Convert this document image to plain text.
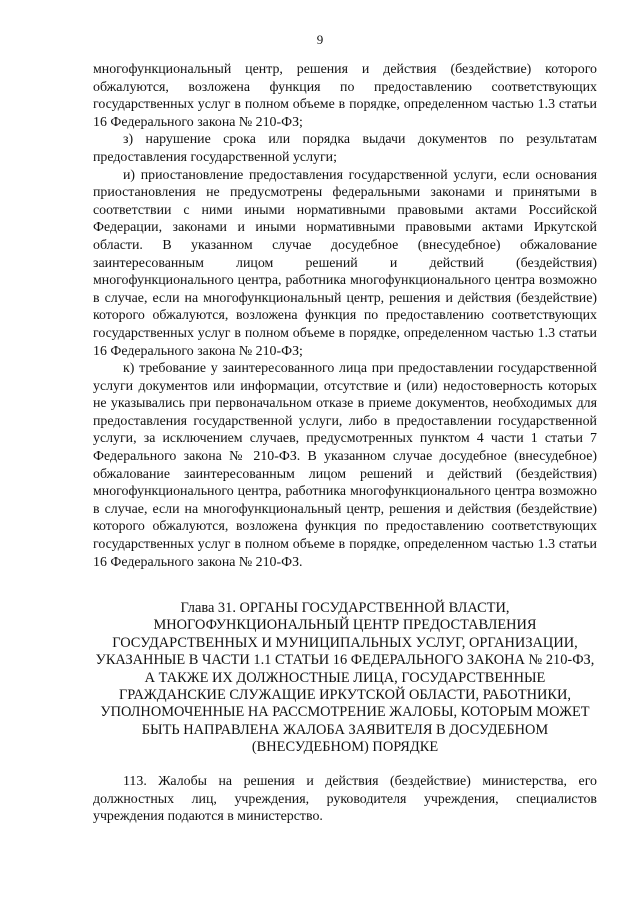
9

многофункциональный центр, решения и действия (бездействие) которого обжалуются, возложена функция по предоставлению соответствующих государственных услуг в полном объеме в порядке, определенном частью 1.3 статьи 16 Федерального закона № 210-ФЗ;

з) нарушение срока или порядка выдачи документов по результатам предоставления государственной услуги;

и) приостановление предоставления государственной услуги, если основания приостановления не предусмотрены федеральными законами и принятыми в соответствии с ними иными нормативными правовыми актами Российской Федерации, законами и иными нормативными правовыми актами Иркутской области. В указанном случае досудебное (внесудебное) обжалование заинтересованным лицом решений и действий (бездействия) многофункционального центра, работника многофункционального центра возможно в случае, если на многофункциональный центр, решения и действия (бездействие) которого обжалуются, возложена функция по предоставлению соответствующих государственных услуг в полном объеме в порядке, определенном частью 1.3 статьи 16 Федерального закона № 210-ФЗ;

к) требование у заинтересованного лица при предоставлении государственной услуги документов или информации, отсутствие и (или) недостоверность которых не указывались при первоначальном отказе в приеме документов, необходимых для предоставления государственной услуги, либо в предоставлении государственной услуги, за исключением случаев, предусмотренных пунктом 4 части 1 статьи 7 Федерального закона № 210-ФЗ. В указанном случае досудебное (внесудебное) обжалование заинтересованным лицом решений и действий (бездействия) многофункционального центра, работника многофункционального центра возможно в случае, если на многофункциональный центр, решения и действия (бездействие) которого обжалуются, возложена функция по предоставлению соответствующих государственных услуг в полном объеме в порядке, определенном частью 1.3 статьи 16 Федерального закона № 210-ФЗ.

Глава 31. ОРГАНЫ ГОСУДАРСТВЕННОЙ ВЛАСТИ, МНОГОФУНКЦИОНАЛЬНЫЙ ЦЕНТР ПРЕДОСТАВЛЕНИЯ ГОСУДАРСТВЕННЫХ И МУНИЦИПАЛЬНЫХ УСЛУГ, ОРГАНИЗАЦИИ, УКАЗАННЫЕ В ЧАСТИ 1.1 СТАТЬИ 16 ФЕДЕРАЛЬНОГО ЗАКОНА № 210-ФЗ, А ТАКЖЕ ИХ ДОЛЖНОСТНЫЕ ЛИЦА, ГОСУДАРСТВЕННЫЕ ГРАЖДАНСКИЕ СЛУЖАЩИЕ ИРКУТСКОЙ ОБЛАСТИ, РАБОТНИКИ, УПОЛНОМОЧЕННЫЕ НА РАССМОТРЕНИЕ ЖАЛОБЫ, КОТОРЫМ МОЖЕТ БЫТЬ НАПРАВЛЕНА ЖАЛОБА ЗАЯВИТЕЛЯ В ДОСУДЕБНОМ (ВНЕСУДЕБНОМ) ПОРЯДКЕ

113. Жалобы на решения и действия (бездействие) министерства, его должностных лиц, учреждения, руководителя учреждения, специалистов учреждения подаются в министерство.
